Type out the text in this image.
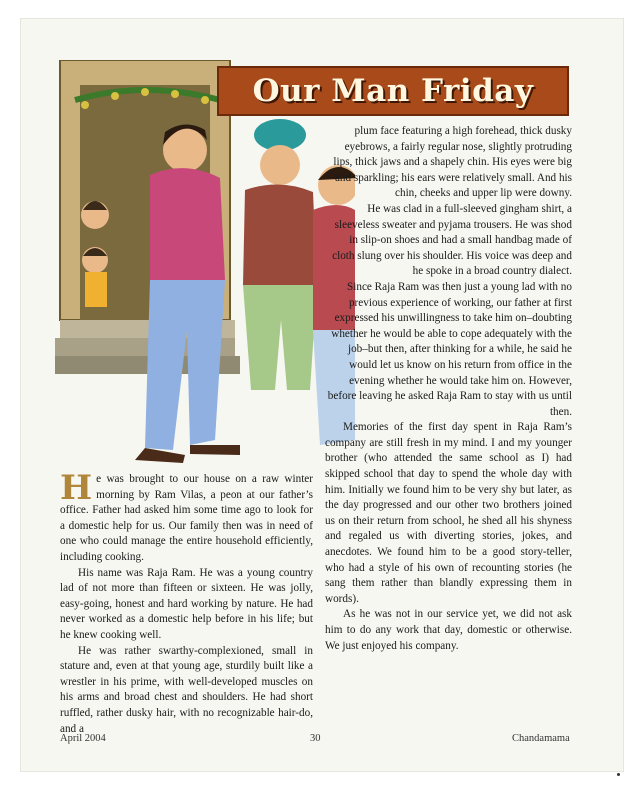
Our Man Friday

He was brought to our house on a raw winter morning by Ram Vilas, a peon at our father’s office. Father had asked him some time ago to look for a domestic help for us. Our family then was in need of one who could manage the entire household efficiently, including cooking.

His name was Raja Ram. He was a young country lad of not more than fifteen or sixteen. He was jolly, easy-going, honest and hard working by nature. He had never worked as a domestic help before in his life; but he knew cooking well.

He was rather swarthy-complexioned, small in stature and, even at that young age, sturdily built like a wrestler in his prime, with well-developed muscles on his arms and broad chest and shoulders. He had short ruffled, rather dusky hair, with no recognizable hair-do, and a

plum face featuring a high forehead, thick dusky eyebrows, a fairly regular nose, slightly protruding lips, thick jaws and a shapely chin. His eyes were big and sparkling; his ears were relatively small. And his chin, cheeks and upper lip were downy.

He was clad in a full-sleeved gingham shirt, a sleeveless sweater and pyjama trousers. He was shod in slip-on shoes and had a small handbag made of cloth slung over his shoulder. His voice was deep and he spoke in a broad country dialect.

Since Raja Ram was then just a young lad with no previous experience of working, our father at first expressed his unwillingness to take him on–doubting whether he would be able to cope adequately with the job–but then, after thinking for a while, he said he would let us know on his return from office in the evening whether he would take him on. However, before leaving he asked Raja Ram to stay with us until then.

Memories of the first day spent in Raja Ram’s company are still fresh in my mind. I and my younger brother (who attended the same school as I) had skipped school that day to spend the whole day with him. Initially we found him to be very shy but later, as the day progressed and our other two brothers joined us on their return from school, he shed all his shyness and regaled us with diverting stories, jokes, and anecdotes. We found him to be a good story-teller, who had a style of his own of recounting stories (he sang them rather than blandly expressing them in words).

As he was not in our service yet, we did not ask him to do any work that day, domestic or otherwise. We just enjoyed his company.

April 2004	30	Chandamama
